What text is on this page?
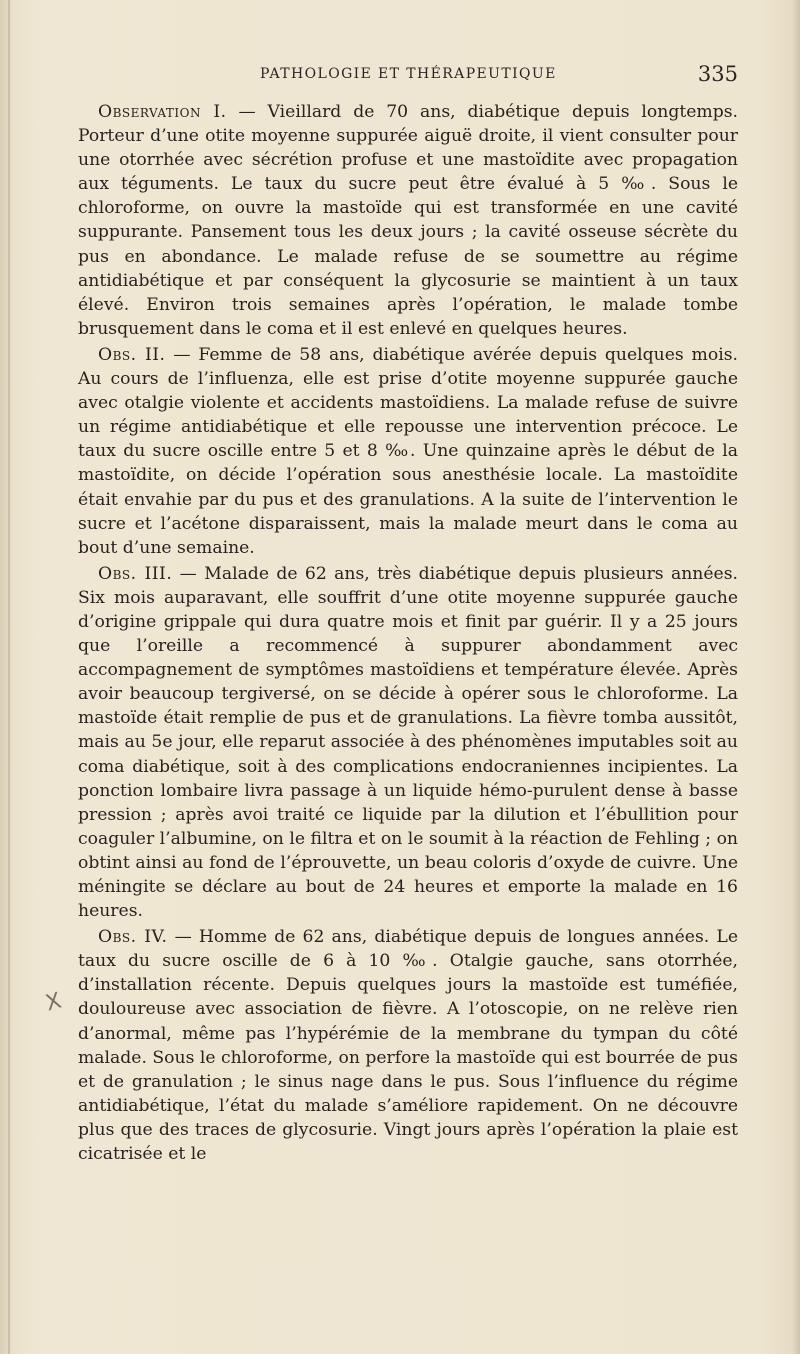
PATHOLOGIE ET THÉRAPEUTIQUE	335
X

Observation I. — Vieillard de 70 ans, diabétique depuis longtemps. Porteur d’une otite moyenne suppurée aiguë droite, il vient consulter pour une otorrhée avec sécrétion profuse et une mastoïdite avec propagation aux téguments. Le taux du sucre peut être évalué à 5 ‰. Sous le chloroforme, on ouvre la mastoïde qui est transformée en une cavité suppurante. Pansement tous les deux jours ; la cavité osseuse sécrète du pus en abondance. Le malade refuse de se soumettre au régime antidiabétique et par conséquent la glycosurie se maintient à un taux élevé. Environ trois semaines après l’opération, le malade tombe brusquement dans le coma et il est enlevé en quelques heures.

Obs. II. — Femme de 58 ans, diabétique avérée depuis quelques mois. Au cours de l’influenza, elle est prise d’otite moyenne suppurée gauche avec otalgie violente et accidents mastoïdiens. La malade refuse de suivre un régime antidiabétique et elle repousse une intervention précoce. Le taux du sucre oscille entre 5 et 8 ‰. Une quinzaine après le début de la mastoïdite, on décide l’opération sous anesthésie locale. La mastoïdite était envahie par du pus et des granulations. A la suite de l’intervention le sucre et l’acétone disparaissent, mais la malade meurt dans le coma au bout d’une semaine.

Obs. III. — Malade de 62 ans, très diabétique depuis plusieurs années. Six mois auparavant, elle souffrit d’une otite moyenne suppurée gauche d’origine grippale qui dura quatre mois et finit par guérir. Il y a 25 jours que l’oreille a recommencé à suppurer abondamment avec accompagnement de symptômes mastoïdiens et température élevée. Après avoir beaucoup tergiversé, on se décide à opérer sous le chloroforme. La mastoïde était remplie de pus et de granulations. La fièvre tomba aussitôt, mais au 5e jour, elle reparut associée à des phénomènes imputables soit au coma diabétique, soit à des complications endocraniennes incipientes. La ponction lombaire livra passage à un liquide hémo-purulent dense à basse pression ; après avoi traité ce liquide par la dilution et l’ébullition pour coaguler l’albumine, on le filtra et on le soumit à la réaction de Fehling ; on obtint ainsi au fond de l’éprouvette, un beau coloris d’oxyde de cuivre. Une méningite se déclare au bout de 24 heures et emporte la malade en 16 heures.

Obs. IV. — Homme de 62 ans, diabétique depuis de longues années. Le taux du sucre oscille de 6 à 10 ‰. Otalgie gauche, sans otorrhée, d’installation récente. Depuis quelques jours la mastoïde est tuméfiée, douloureuse avec association de fièvre. A l’otoscopie, on ne relève rien d’anormal, même pas l’hypérémie de la membrane du tympan du côté malade. Sous le chloroforme, on perfore la mastoïde qui est bourrée de pus et de granulation ; le sinus nage dans le pus. Sous l’influence du régime antidiabétique, l’état du malade s’améliore rapidement. On ne découvre plus que des traces de glycosurie. Vingt jours après l’opération la plaie est cicatrisée et le
